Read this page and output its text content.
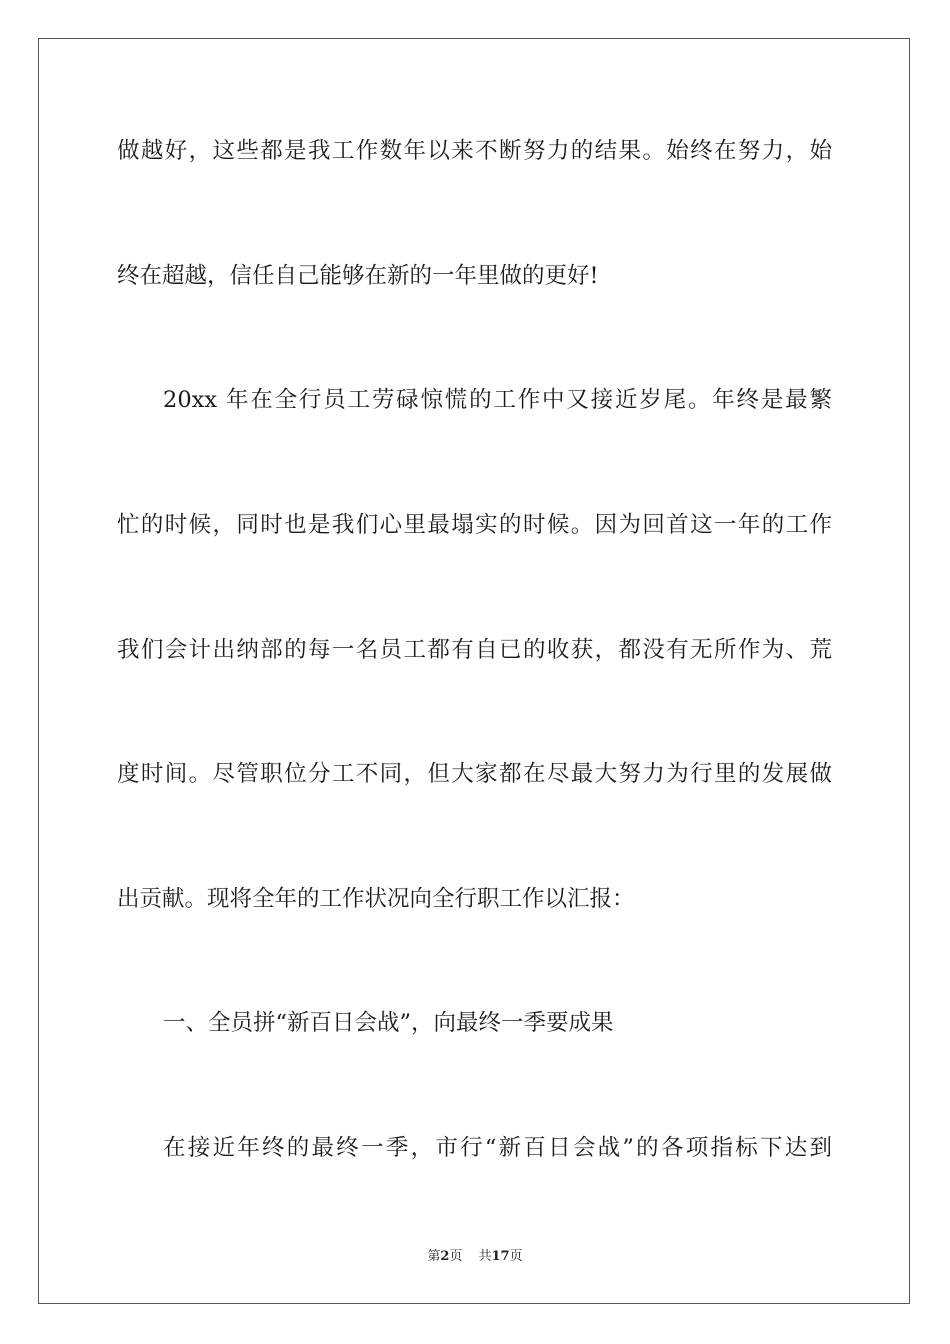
做越好，这些都是我工作数年以来不断努力的结果。始终在努力，始
终在超越，信任自己能够在新的一年里做的更好!
20xx 年在全行员工劳碌惊慌的工作中又接近岁尾。年终是最繁
忙的时候，同时也是我们心里最塌实的时候。因为回首这一年的工作
我们会计出纳部的每一名员工都有自已的收获，都没有无所作为、荒
度时间。尽管职位分工不同，但大家都在尽最大努力为行里的发展做
出贡献。现将全年的工作状况向全行职工作以汇报：
一、全员拼“新百日会战”，向最终一季要成果
在接近年终的最终一季，市行“新百日会战”的各项指标下达到
第2页 共17页
